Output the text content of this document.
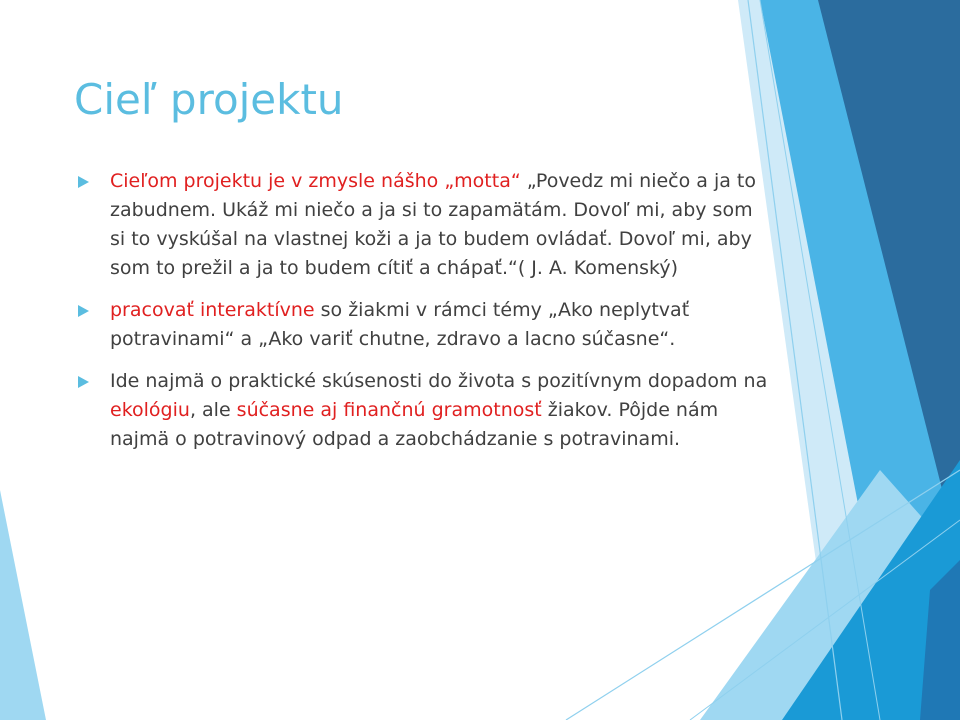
Cieľ projektu
Cieľom projektu je v zmysle nášho „motta“ „Povedz mi niečo a ja to zabudnem. Ukáž mi niečo a ja si to zapamätám. Dovoľ mi, aby som si to vyskúšal na vlastnej koži a ja to budem ovládať. Dovoľ mi, aby som to prežil a ja to budem cítiť a chápať.“( J. A. Komenský)
pracovať interaktívne so žiakmi v rámci témy „Ako neplytvať potravinami“ a „Ako variť chutne, zdravo a lacno súčasne“.
Ide najmä o praktické skúsenosti do života s pozitívnym dopadom na ekológiu, ale súčasne aj finančnú gramotnosť žiakov. Pôjde nám najmä o potravinový odpad a zaobchádzanie s potravinami.
